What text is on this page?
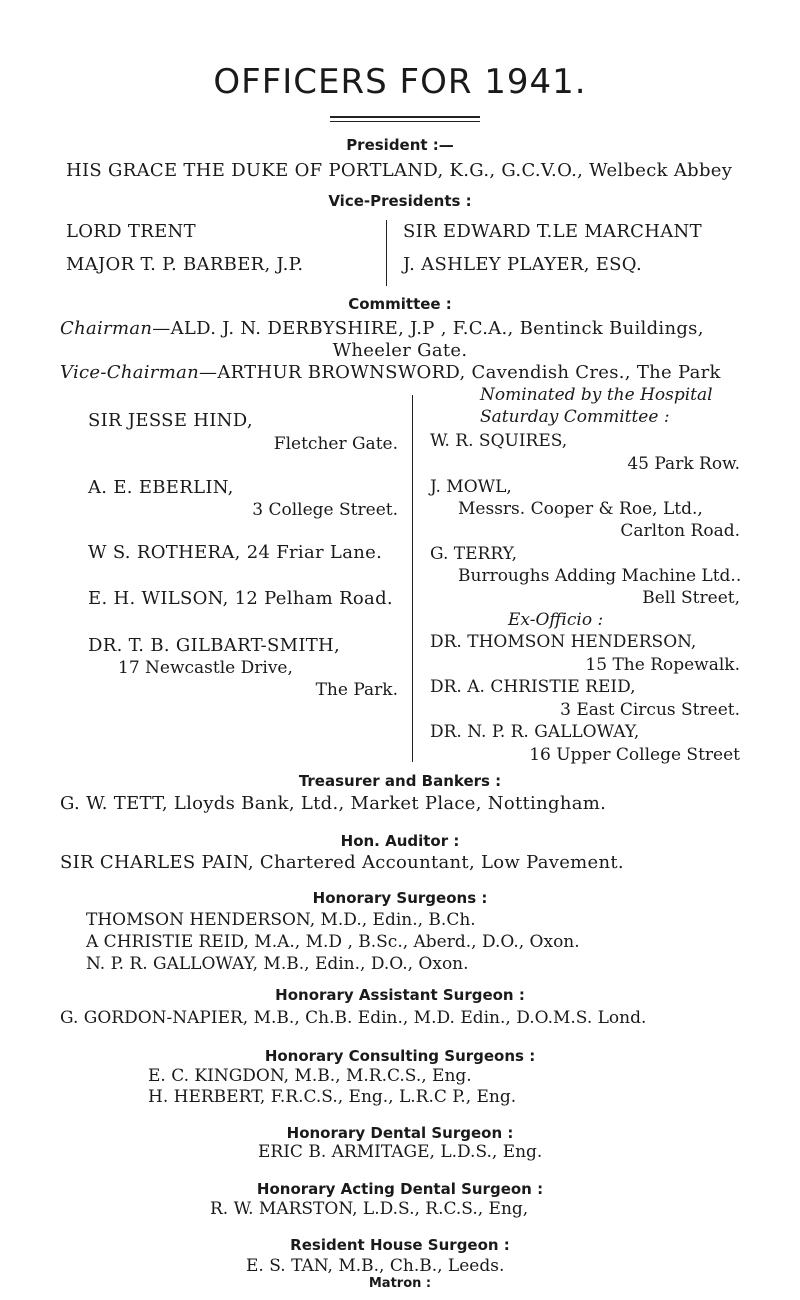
OFFICERS FOR 1941.
President :—
HIS GRACE THE DUKE OF PORTLAND, K.G., G.C.V.O., Welbeck Abbey
Vice-Presidents :
LORD TRENT
MAJOR T. P. BARBER, J.P.
SIR EDWARD T.LE MARCHANT
J. ASHLEY PLAYER, ESQ.
Committee :
Chairman—ALD. J. N. DERBYSHIRE, J.P , F.C.A., Bentinck Buildings,
Wheeler Gate.
Vice-Chairman—ARTHUR BROWNSWORD, Cavendish Cres., The Park
SIR JESSE HIND,
Fletcher Gate.
A. E. EBERLIN,
3 College Street.
W S. ROTHERA, 24 Friar Lane.
E. H. WILSON, 12 Pelham Road.
DR. T. B. GILBART-SMITH,
17 Newcastle Drive,
The Park.
Nominated by the Hospital
Saturday Committee :
W. R. SQUIRES,
45 Park Row.
J. MOWL,
Messrs. Cooper & Roe, Ltd.,
Carlton Road.
G. TERRY,
Burroughs Adding Machine Ltd..
Bell Street,
Ex-Officio :
DR. THOMSON HENDERSON,
15 The Ropewalk.
DR. A. CHRISTIE REID,
3 East Circus Street.
DR. N. P. R. GALLOWAY,
16 Upper College Street
Treasurer and Bankers :
G. W. TETT, Lloyds Bank, Ltd., Market Place, Nottingham.
Hon. Auditor :
SIR CHARLES PAIN, Chartered Accountant, Low Pavement.
Honorary Surgeons :
THOMSON HENDERSON, M.D., Edin., B.Ch.
A CHRISTIE REID, M.A., M.D , B.Sc., Aberd., D.O., Oxon.
N. P. R. GALLOWAY, M.B., Edin., D.O., Oxon.
Honorary Assistant Surgeon :
G. GORDON-NAPIER, M.B., Ch.B. Edin., M.D. Edin., D.O.M.S. Lond.
Honorary Consulting Surgeons :
E. C. KINGDON, M.B., M.R.C.S., Eng.
H. HERBERT, F.R.C.S., Eng., L.R.C P., Eng.
Honorary Dental Surgeon :
ERIC B. ARMITAGE, L.D.S., Eng.
Honorary Acting Dental Surgeon :
R. W. MARSTON, L.D.S., R.C.S., Eng,
Resident House Surgeon :
E. S. TAN, M.B., Ch.B., Leeds.
Matron :
